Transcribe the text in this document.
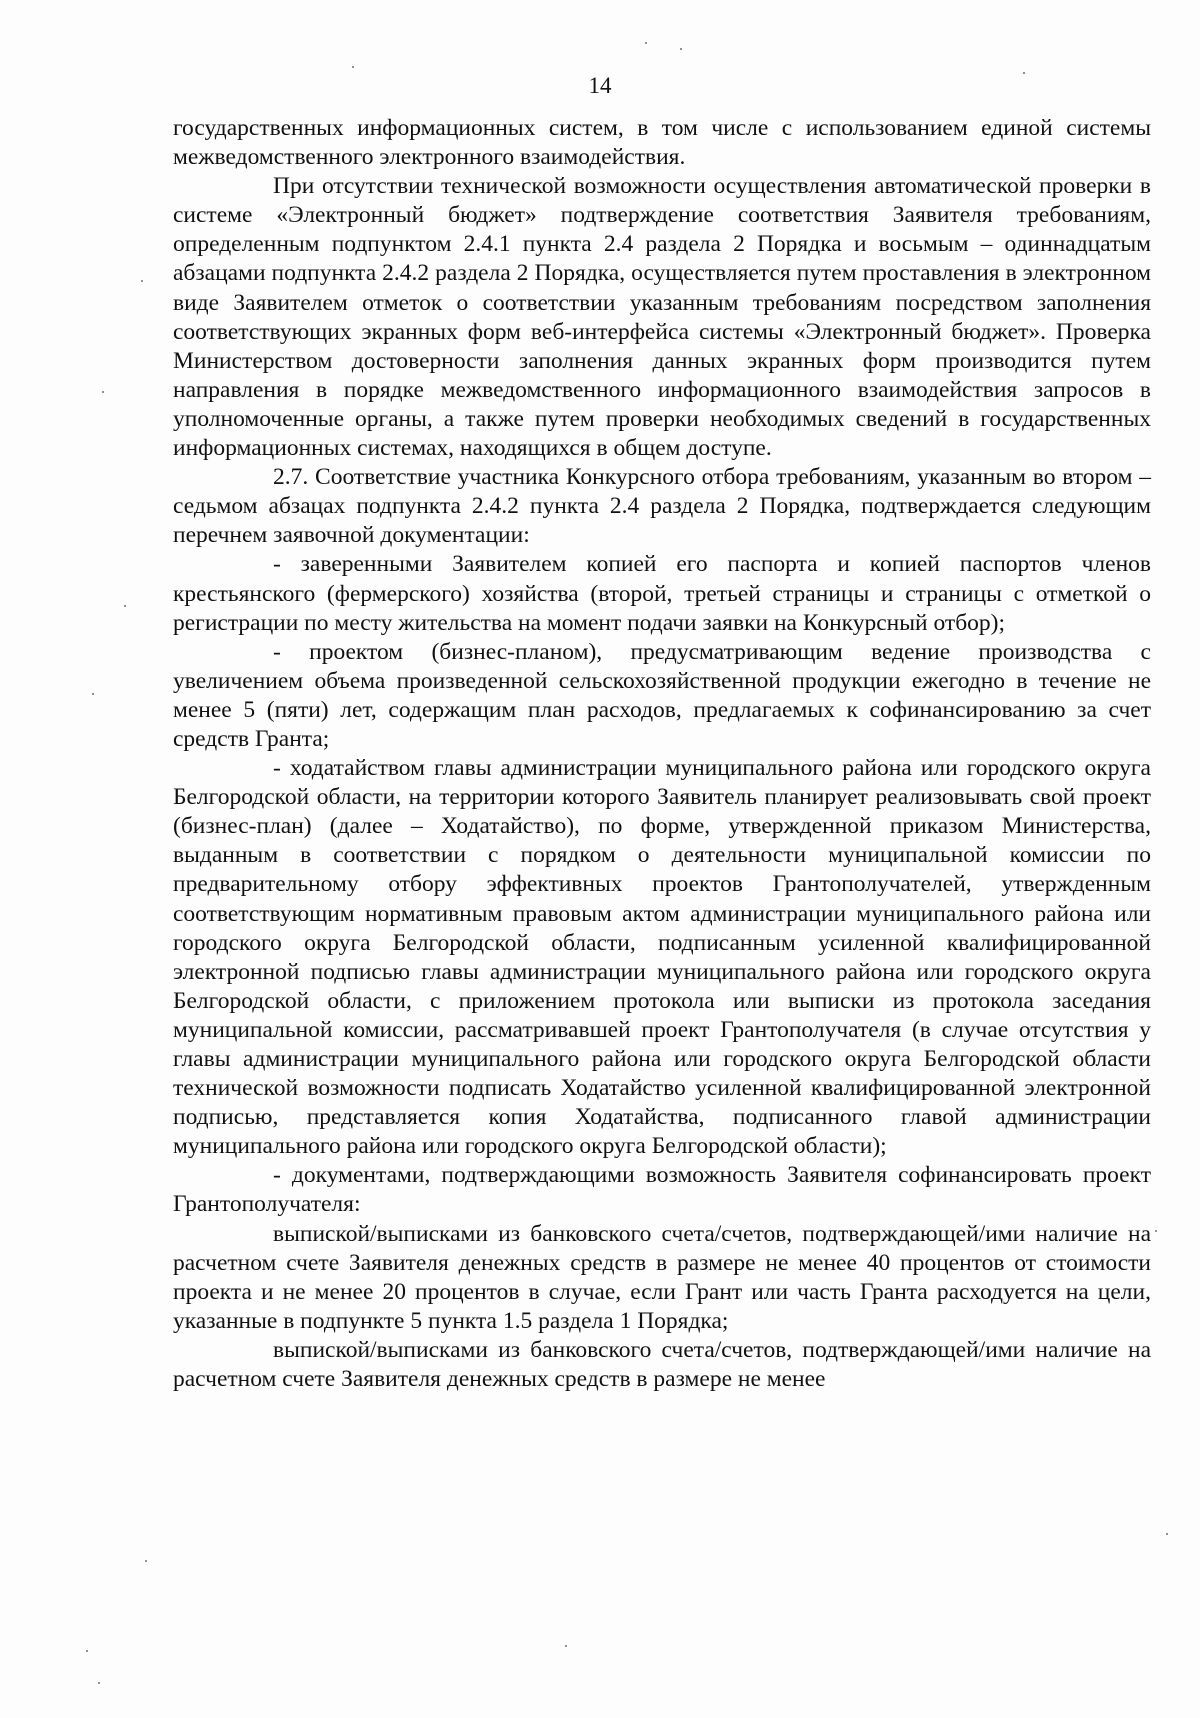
14

государственных информационных систем, в том числе с использованием единой системы межведомственного электронного взаимодействия.

При отсутствии технической возможности осуществления автоматической проверки в системе «Электронный бюджет» подтверждение соответствия Заявителя требованиям, определенным подпунктом 2.4.1 пункта 2.4 раздела 2 Порядка и восьмым – одиннадцатым абзацами подпункта 2.4.2 раздела 2 Порядка, осуществляется путем проставления в электронном виде Заявителем отметок о соответствии указанным требованиям посредством заполнения соответствующих экранных форм веб-интерфейса системы «Электронный бюджет». Проверка Министерством достоверности заполнения данных экранных форм производится путем направления в порядке межведомственного информационного взаимодействия запросов в уполномоченные органы, а также путем проверки необходимых сведений в государственных информационных системах, находящихся в общем доступе.

2.7. Соответствие участника Конкурсного отбора требованиям, указанным во втором – седьмом абзацах подпункта 2.4.2 пункта 2.4 раздела 2 Порядка, подтверждается следующим перечнем заявочной документации:

- заверенными Заявителем копией его паспорта и копией паспортов членов крестьянского (фермерского) хозяйства (второй, третьей страницы и страницы с отметкой о регистрации по месту жительства на момент подачи заявки на Конкурсный отбор);

- проектом (бизнес-планом), предусматривающим ведение производства с увеличением объема произведенной сельскохозяйственной продукции ежегодно в течение не менее 5 (пяти) лет, содержащим план расходов, предлагаемых к софинансированию за счет средств Гранта;

- ходатайством главы администрации муниципального района или городского округа Белгородской области, на территории которого Заявитель планирует реализовывать свой проект (бизнес-план) (далее – Ходатайство), по форме, утвержденной приказом Министерства, выданным в соответствии с порядком о деятельности муниципальной комиссии по предварительному отбору эффективных проектов Грантополучателей, утвержденным соответствующим нормативным правовым актом администрации муниципального района или городского округа Белгородской области, подписанным усиленной квалифицированной электронной подписью главы администрации муниципального района или городского округа Белгородской области, с приложением протокола или выписки из протокола заседания муниципальной комиссии, рассматривавшей проект Грантополучателя (в случае отсутствия у главы администрации муниципального района или городского округа Белгородской области технической возможности подписать Ходатайство усиленной квалифицированной электронной подписью, представляется копия Ходатайства, подписанного главой администрации муниципального района или городского округа Белгородской области);

- документами, подтверждающими возможность Заявителя софинансировать проект Грантополучателя:

выпиской/выписками из банковского счета/счетов, подтверждающей/ими наличие на расчетном счете Заявителя денежных средств в размере не менее 40 процентов от стоимости проекта и не менее 20 процентов в случае, если Грант или часть Гранта расходуется на цели, указанные в подпункте 5 пункта 1.5 раздела 1 Порядка;

выпиской/выписками из банковского счета/счетов, подтверждающей/ими наличие на расчетном счете Заявителя денежных средств в размере не менее
